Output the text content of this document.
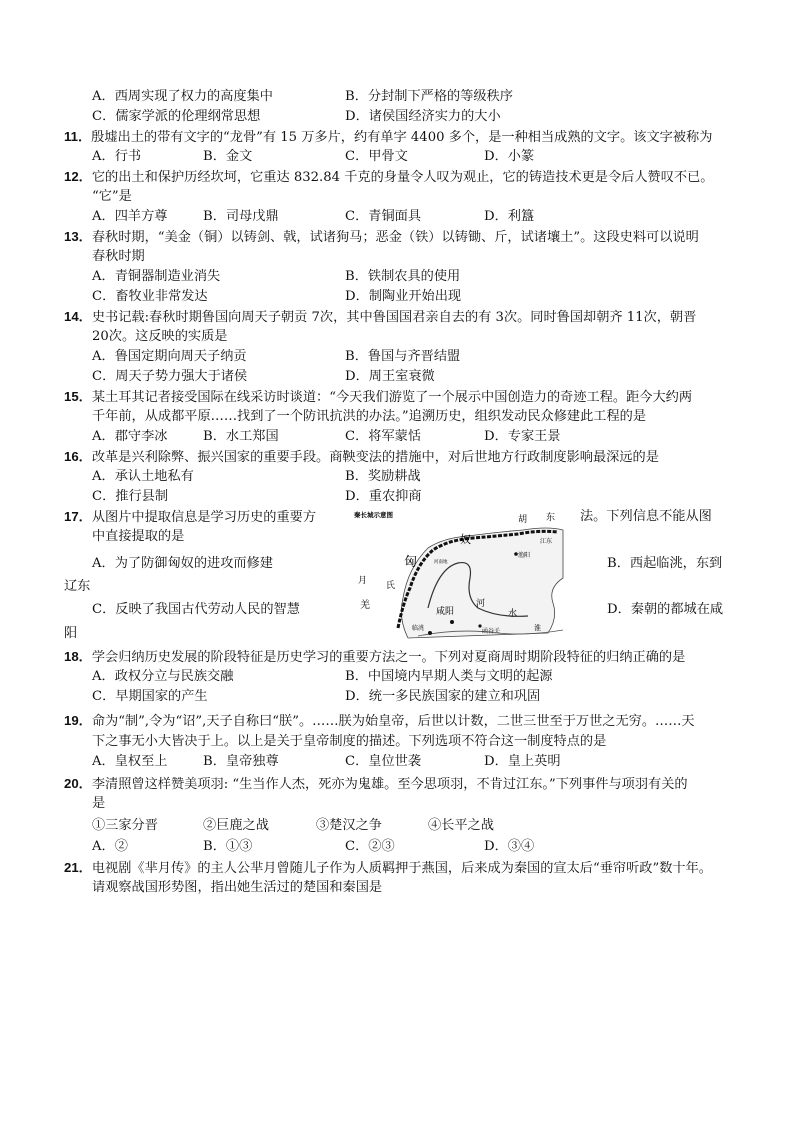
A．西周实现了权力的高度集中	B．分封制下严格的等级秩序
C．儒家学派的伦理纲常思想	D．诸侯国经济实力的大小
11．殷墟出土的带有文字的“龙骨”有 15 万多片，约有单字 4400 多个，是一种相当成熟的文字。该文字被称为
A．行书	B．金文	C．甲骨文	D．小篆
12．它的出土和保护历经坎坷，它重达 832.84 千克的身量令人叹为观止，它的铸造技术更是令后人赞叹不已。
“它”是
A．四羊方尊	B．司母戊鼎	C．青铜面具	D．利簋
13．春秋时期，“美金（铜）以铸剑、戟，试诸狗马；恶金（铁）以铸锄、斤，试诸壤土”。这段史料可以说明
春秋时期
A．青铜器制造业消失	B．铁制农具的使用
C．畜牧业非常发达	D．制陶业开始出现
14．史书记载:春秋时期鲁国向周天子朝贡 7次，其中鲁国国君亲自去的有 3次。同时鲁国却朝齐 11次，朝晋
20次。这反映的实质是
A．鲁国定期向周天子纳贡	B．鲁国与齐晋结盟
C．周天子势力强大于诸侯	D．周王室衰微
15．某土耳其记者接受国际在线采访时谈道：“今天我们游览了一个展示中国创造力的奇迹工程。距今大约两
千年前，从成都平原……找到了一个防讯抗洪的办法。”追溯历史，组织发动民众修建此工程的是
A．郡守李冰	B．水工郑国	C．将军蒙恬	D．专家王景
16．改革是兴利除弊、振兴国家的重要手段。商鞅变法的措施中，对后世地方行政制度影响最深远的是
A．承认土地私有	B．奖励耕战
C．推行县制	D．重农抑商
17．从图片中提取信息是学习历史的重要方	法。下列信息不能从图
中直接提取的是
A．为了防御匈奴的进攻而修建	B．西起临洮，东到
辽东
C．反映了我国古代劳动人民的智慧	D．秦朝的都城在咸
阳
秦长城示意图	胡 东
匈
奴
河南地
江东
渔阳
月 氏
羌
咸阳
临洮	函谷关
河
水
淮
18．学会归纳历史发展的阶段特征是历史学习的重要方法之一。下列对夏商周时期阶段特征的归纳正确的是
A．政权分立与民族交融	B．中国境内早期人类与文明的起源
C．早期国家的产生	D．统一多民族国家的建立和巩固
19．命为“制”,令为“诏”,天子自称曰“朕”。……朕为始皇帝，后世以计数，二世三世至于万世之无穷。……天
下之事无小大皆决于上。以上是关于皇帝制度的描述。下列选项不符合这一制度特点的是
A．皇权至上	B．皇帝独尊	C．皇位世袭	D．皇上英明
20．李清照曾这样赞美项羽: “生当作人杰，死亦为鬼雄。至今思项羽，不肯过江东。”下列事件与项羽有关的
是
①三家分晋	②巨鹿之战	③楚汉之争	④长平之战
A．②	B．①③	C．②③	D．③④
21．电视剧《芈月传》的主人公芈月曾随儿子作为人质羁押于燕国，后来成为秦国的宣太后“垂帘听政”数十年。
请观察战国形势图，指出她生活过的楚国和秦国是
